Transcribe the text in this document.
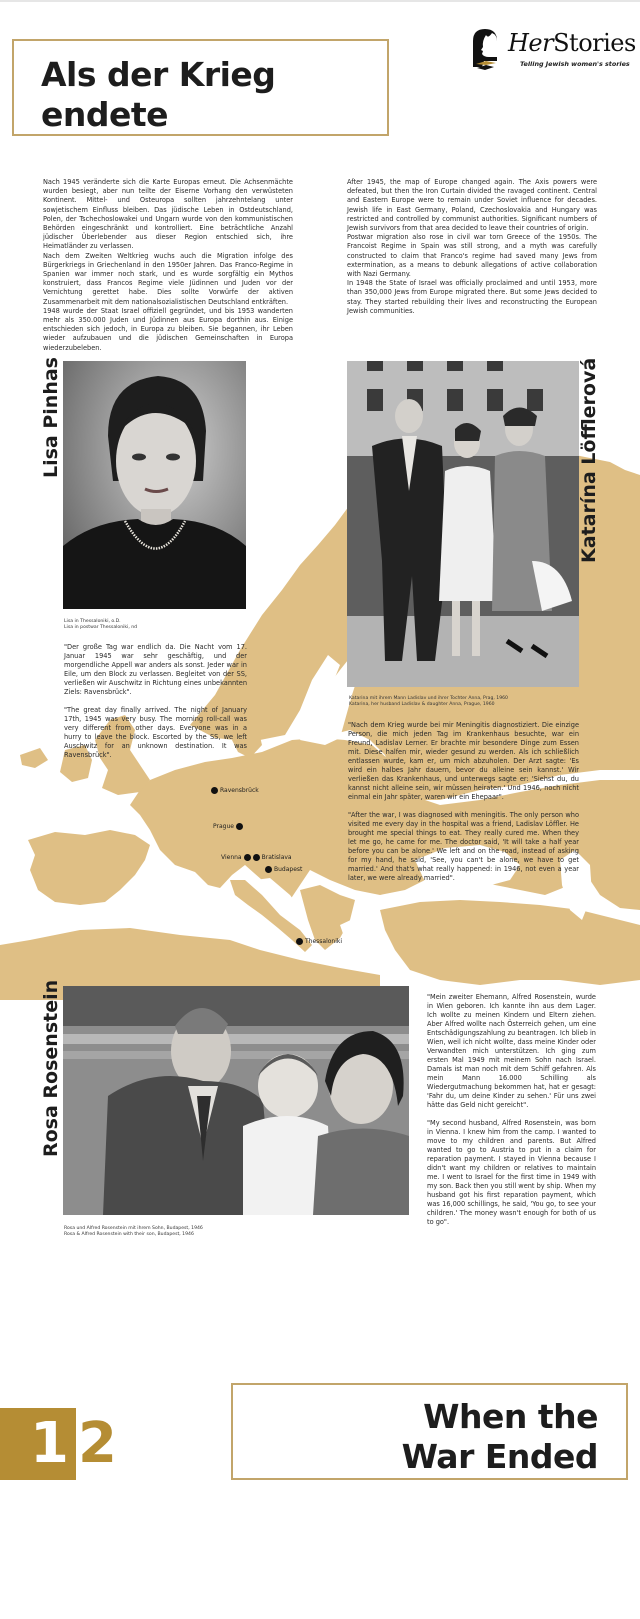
Als der Krieg
endete
HerStories
Telling Jewish women's stories

Nach 1945 veränderte sich die Karte Europas erneut. Die Achsenmächte wurden besiegt, aber nun teilte der Eiserne Vorhang den verwüsteten Kontinent. Mittel- und Osteuropa sollten jahrzehntelang unter sowjetischem Einfluss bleiben. Das jüdische Leben in Ostdeutschland, Polen, der Tschechoslowakei und Ungarn wurde von den kommunistischen Behörden eingeschränkt und kontrolliert. Eine beträchtliche Anzahl jüdischer Überlebender aus dieser Region entschied sich, ihre Heimatländer zu verlassen.

Nach dem Zweiten Weltkrieg wuchs auch die Migration infolge des Bürgerkriegs in Griechenland in den 1950er Jahren. Das Franco-Regime in Spanien war immer noch stark, und es wurde sorgfältig ein Mythos konstruiert, dass Francos Regime viele Jüdinnen und Juden vor der Vernichtung gerettet habe. Dies sollte Vorwürfe der aktiven Zusammenarbeit mit dem nationalsozialistischen Deutschland entkräften.

1948 wurde der Staat Israel offiziell gegründet, und bis 1953 wanderten mehr als 350.000 Juden und Jüdinnen aus Europa dorthin aus. Einige entschieden sich jedoch, in Europa zu bleiben. Sie begannen, ihr Leben wieder aufzubauen und die jüdischen Gemeinschaften in Europa wiederzubeleben.

After 1945, the map of Europe changed again. The Axis powers were defeated, but then the Iron Curtain divided the ravaged continent. Central and Eastern Europe were to remain under Soviet influence for decades. Jewish life in East Germany, Poland, Czechoslovakia and Hungary was restricted and controlled by communist authorities. Significant numbers of Jewish survivors from that area decided to leave their countries of origin.

Postwar migration also rose in civil war torn Greece of the 1950s. The Francoist Regime in Spain was still strong, and a myth was carefully constructed to claim that Franco's regime had saved many Jews from extermination, as a means to debunk allegations of active collaboration with Nazi Germany.

In 1948 the State of Israel was officially proclaimed and until 1953, more than 350,000 Jews from Europe migrated there. But some Jews decided to stay. They started rebuilding their lives and reconstructing the European Jewish communities.

Lisa Pinhas
Lisa in Thessaloniki, o.D.
Lisa in postwar Thessaloniki, nd

"Der große Tag war endlich da. Die Nacht vom 17. Januar 1945 war sehr geschäftig, und der morgendliche Appell war anders als sonst. Jeder war in Eile, um den Block zu verlassen. Begleitet von der SS, verließen wir Auschwitz in Richtung eines unbekannten Ziels: Ravensbrück".

"The great day finally arrived. The night of January 17th, 1945 was very busy. The morning roll-call was very different from other days. Everyone was in a hurry to leave the block. Escorted by the SS, we left Auschwitz for an unknown destination. It was Ravensbrück".

Katarína Löfflerová
Katarina mit ihrem Mann Ladislav und ihrer Tochter Anna, Prag, 1960
Katarina, her husband Ladislav & daughter Anna, Prague, 1960

"Nach dem Krieg wurde bei mir Meningitis diagnostiziert. Die einzige Person, die mich jeden Tag im Krankenhaus besuchte, war ein Freund, Ladislav Lerner. Er brachte mir besondere Dinge zum Essen mit. Diese halfen mir, wieder gesund zu werden. Als ich schließlich entlassen wurde, kam er, um mich abzuholen. Der Arzt sagte: 'Es wird ein halbes Jahr dauern, bevor du alleine sein kannst.' Wir verließen das Krankenhaus, und unterwegs sagte er: 'Siehst du, du kannst nicht alleine sein, wir müssen heiraten.' Und 1946, noch nicht einmal ein Jahr später, waren wir ein Ehepaar".

"After the war, I was diagnosed with meningitis. The only person who visited me every day in the hospital was a friend, Ladislav Löffler. He brought me special things to eat. They really cured me. When they let me go, he came for me. The doctor said, 'It will take a half year before you can be alone.' We left and on the road, instead of asking for my hand, he said, 'See, you can't be alone, we have to get married.' And that's what really happened: in 1946, not even a year later, we were already married".

Ravensbrück
Prague
Vienna	Bratislava
Budapest
Thessaloniki
Rosa Rosenstein
Rosa und Alfred Rosenstein mit ihrem Sohn, Budapest, 1946
Rosa & Alfred Rosenstein with their son, Budapest, 1946

"Mein zweiter Ehemann, Alfred Rosenstein, wurde in Wien geboren. Ich kannte ihn aus dem Lager. Ich wollte zu meinen Kindern und Eltern ziehen. Aber Alfred wollte nach Österreich gehen, um eine Entschädigungszahlung zu beantragen. Ich blieb in Wien, weil ich nicht wollte, dass meine Kinder oder Verwandten mich unterstützen. Ich ging zum ersten Mal 1949 mit meinem Sohn nach Israel. Damals ist man noch mit dem Schiff gefahren. Als mein Mann 16.000 Schilling als Wiedergutmachung bekommen hat, hat er gesagt: 'Fahr du, um deine Kinder zu sehen.' Für uns zwei hätte das Geld nicht gereicht".

"My second husband, Alfred Rosenstein, was born in Vienna. I knew him from the camp. I wanted to move to my children and parents. But Alfred wanted to go to Austria to put in a claim for reparation payment. I stayed in Vienna because I didn't want my children or relatives to maintain me. I went to Israel for the first time in 1949 with my son. Back then you still went by ship. When my husband got his first reparation payment, which was 16,000 schillings, he said, 'You go, to see your children.' The money wasn't enough for both of us to go".

1 2	When the
War Ended
